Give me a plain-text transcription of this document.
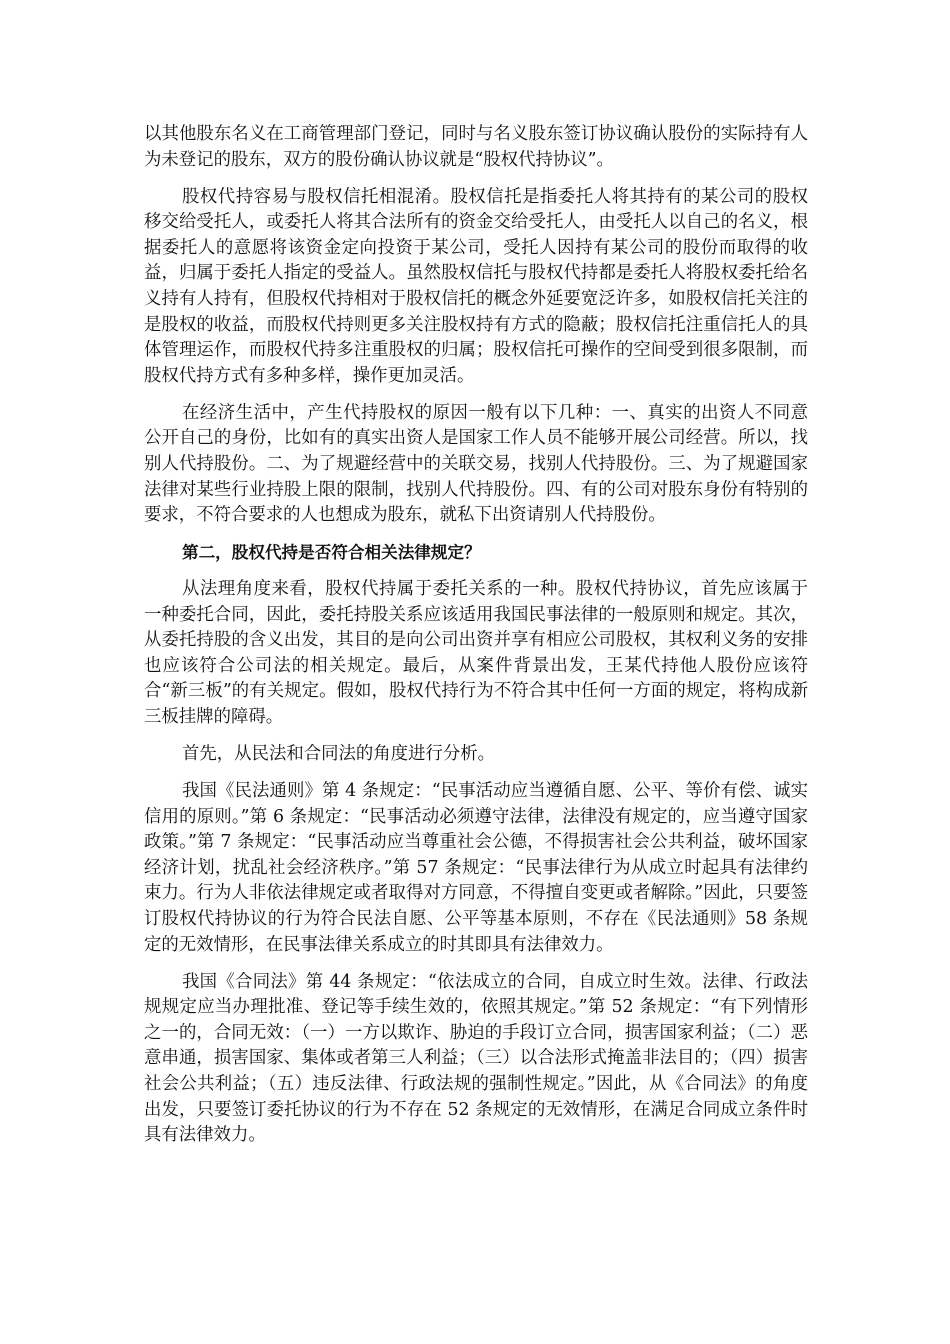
以其他股东名义在工商管理部门登记，同时与名义股东签订协议确认股份的实际持有人为未登记的股东，双方的股份确认协议就是“股权代持协议”。

股权代持容易与股权信托相混淆。股权信托是指委托人将其持有的某公司的股权移交给受托人，或委托人将其合法所有的资金交给受托人，由受托人以自己的名义，根据委托人的意愿将该资金定向投资于某公司，受托人因持有某公司的股份而取得的收益，归属于委托人指定的受益人。虽然股权信托与股权代持都是委托人将股权委托给名义持有人持有，但股权代持相对于股权信托的概念外延要宽泛许多，如股权信托关注的是股权的收益，而股权代持则更多关注股权持有方式的隐蔽；股权信托注重信托人的具体管理运作，而股权代持多注重股权的归属；股权信托可操作的空间受到很多限制，而股权代持方式有多种多样，操作更加灵活。

在经济生活中，产生代持股权的原因一般有以下几种：一、真实的出资人不同意公开自己的身份，比如有的真实出资人是国家工作人员不能够开展公司经营。所以，找别人代持股份。二、为了规避经营中的关联交易，找别人代持股份。三、为了规避国家法律对某些行业持股上限的限制，找别人代持股份。四、有的公司对股东身份有特别的要求，不符合要求的人也想成为股东，就私下出资请别人代持股份。

第二，股权代持是否符合相关法律规定？

从法理角度来看，股权代持属于委托关系的一种。股权代持协议，首先应该属于一种委托合同，因此，委托持股关系应该适用我国民事法律的一般原则和规定。其次，从委托持股的含义出发，其目的是向公司出资并享有相应公司股权，其权利义务的安排也应该符合公司法的相关规定。最后，从案件背景出发，王某代持他人股份应该符合“新三板”的有关规定。假如，股权代持行为不符合其中任何一方面的规定，将构成新三板挂牌的障碍。

首先，从民法和合同法的角度进行分析。

我国《民法通则》第 4 条规定：“民事活动应当遵循自愿、公平、等价有偿、诚实信用的原则。”第 6 条规定：“民事活动必须遵守法律，法律没有规定的，应当遵守国家政策。”第 7 条规定：“民事活动应当尊重社会公德，不得损害社会公共利益，破坏国家经济计划，扰乱社会经济秩序。”第 57 条规定：“民事法律行为从成立时起具有法律约束力。行为人非依法律规定或者取得对方同意，不得擅自变更或者解除。”因此，只要签订股权代持协议的行为符合民法自愿、公平等基本原则，不存在《民法通则》58 条规定的无效情形，在民事法律关系成立的时其即具有法律效力。

我国《合同法》第 44 条规定：“依法成立的合同，自成立时生效。法律、行政法规规定应当办理批准、登记等手续生效的，依照其规定。”第 52 条规定：“有下列情形之一的，合同无效：（一）一方以欺诈、胁迫的手段订立合同，损害国家利益；（二）恶意串通，损害国家、集体或者第三人利益；（三）以合法形式掩盖非法目的；（四）损害社会公共利益；（五）违反法律、行政法规的强制性规定。”因此，从《合同法》的角度出发，只要签订委托协议的行为不存在 52 条规定的无效情形，在满足合同成立条件时具有法律效力。
